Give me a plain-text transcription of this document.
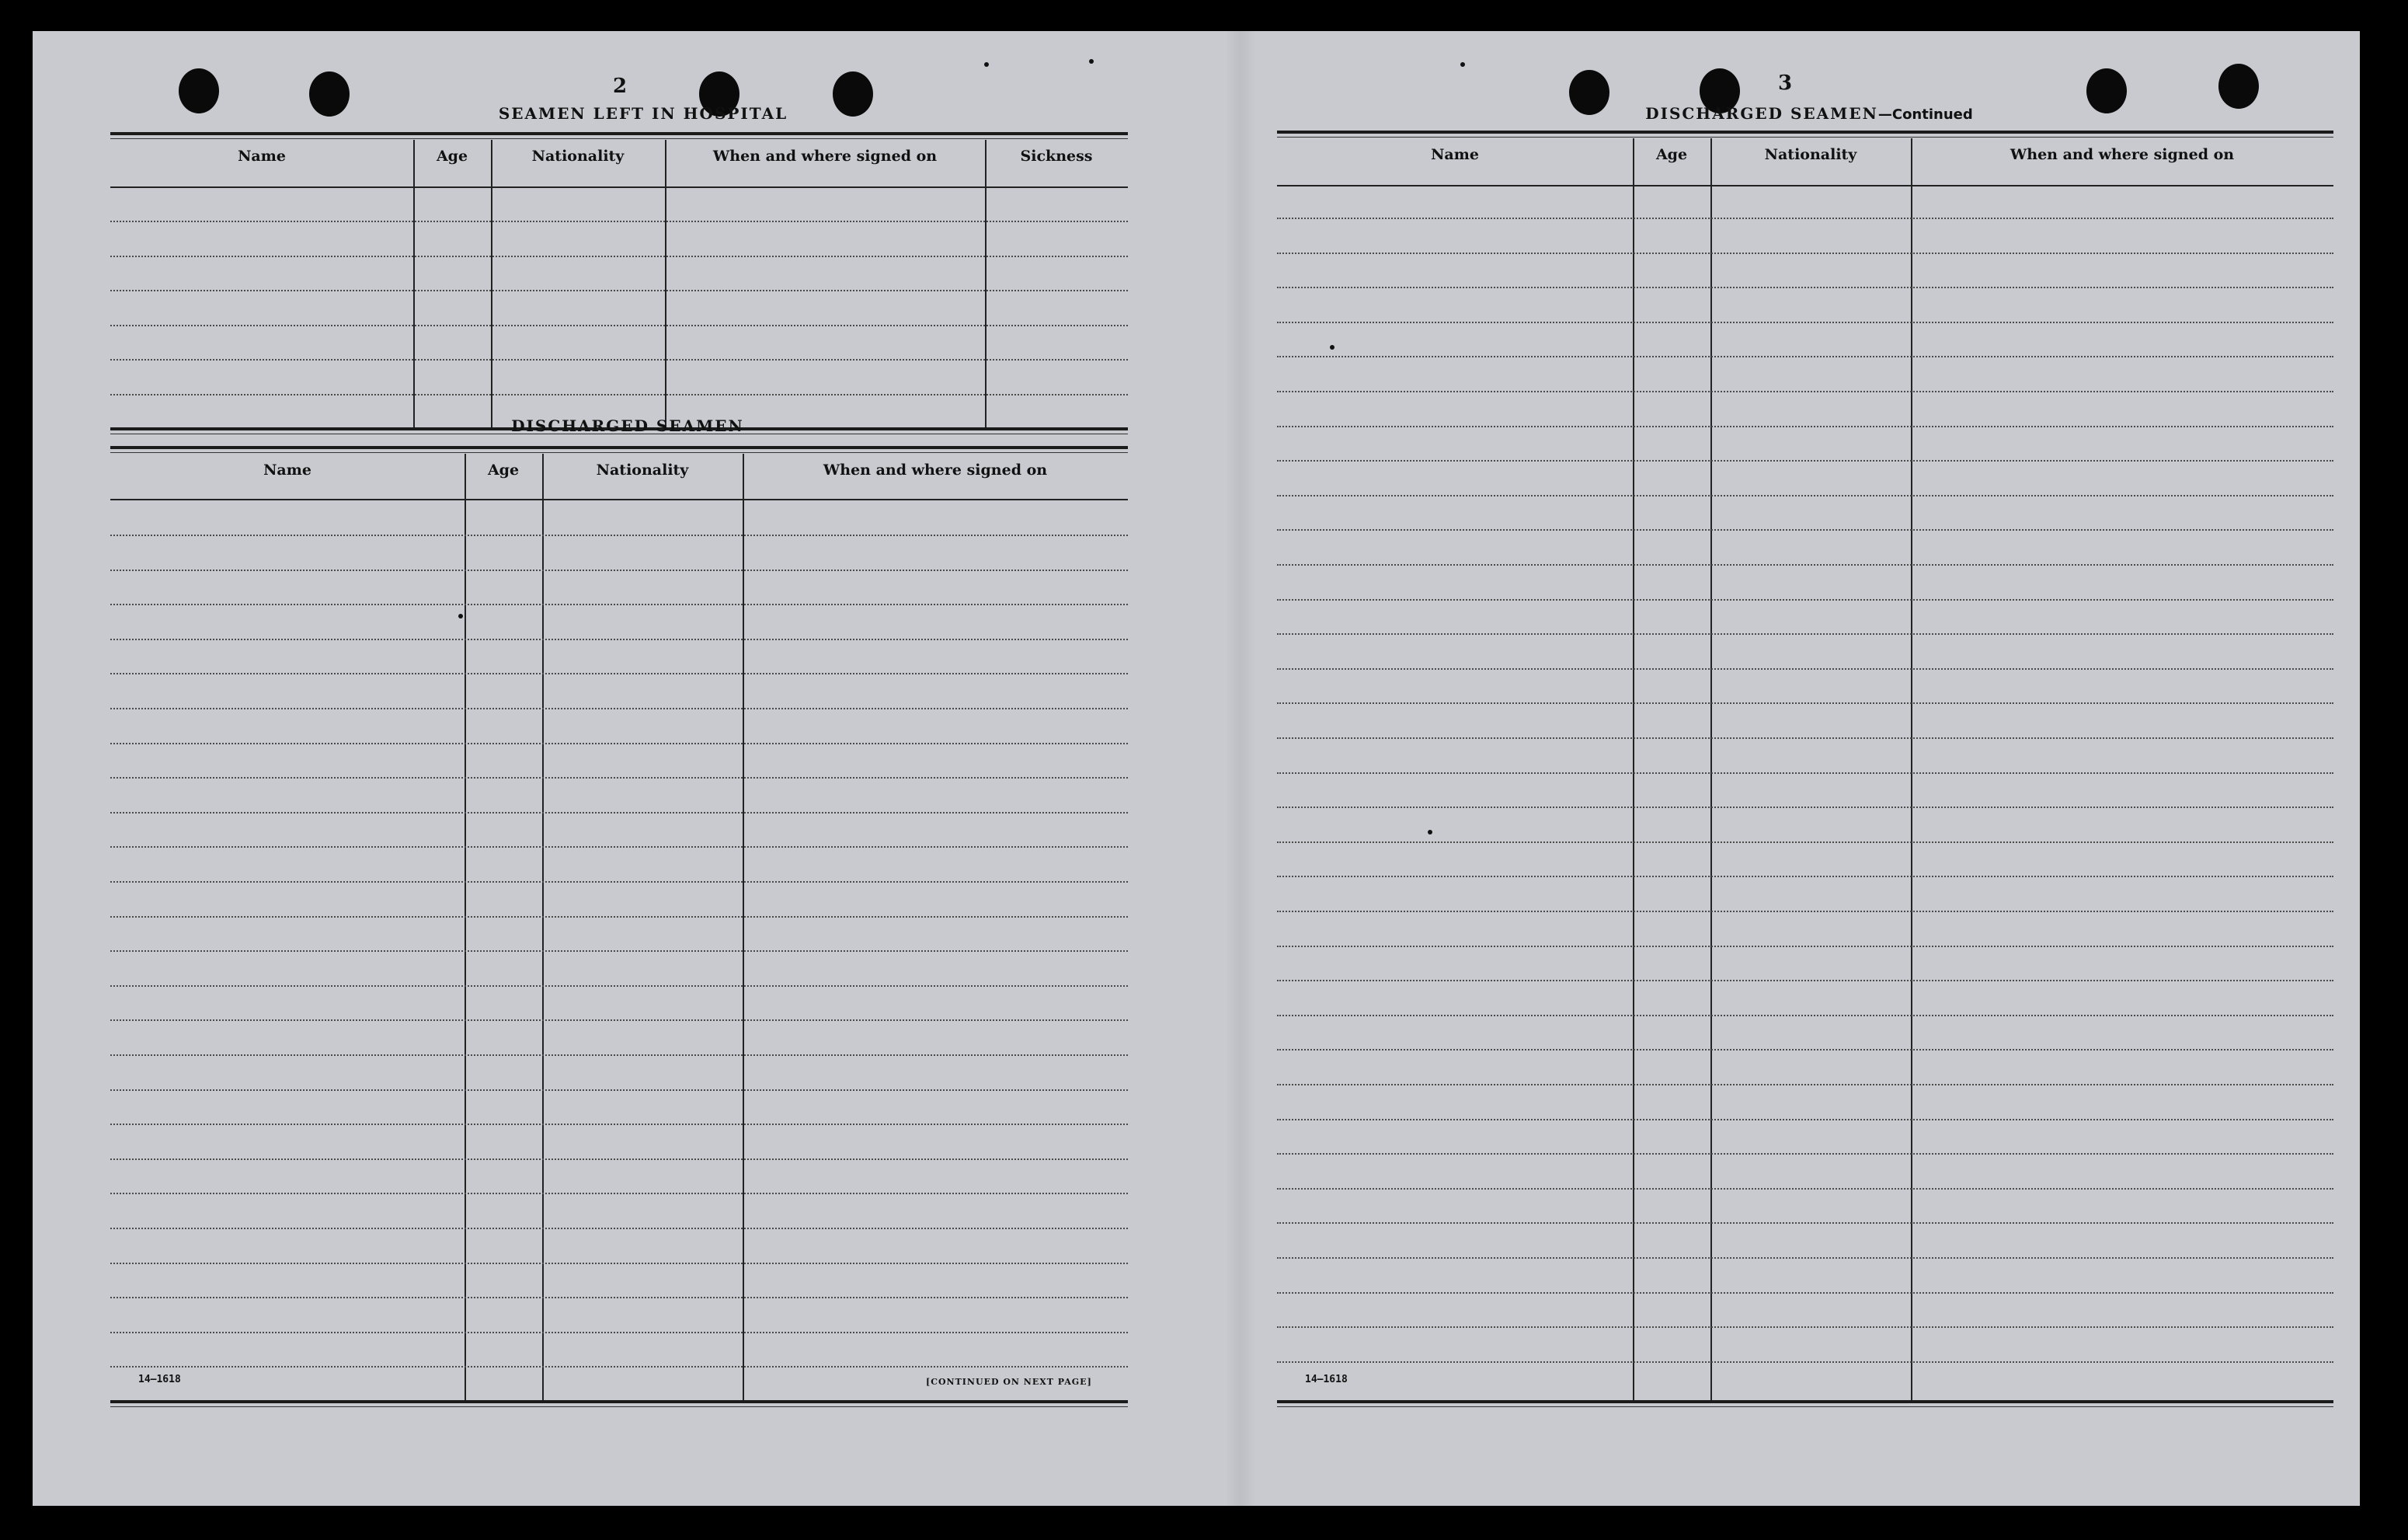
2
SEAMEN LEFT IN HOSPITAL
Name	Age	Nationality	When and where signed on	Sickness
DISCHARGED SEAMEN
Name	Age	Nationality	When and where signed on
14—1618	[CONTINUED ON NEXT PAGE]
3
DISCHARGED SEAMEN—Continued
Name	Age	Nationality	When and where signed on
14—1618
